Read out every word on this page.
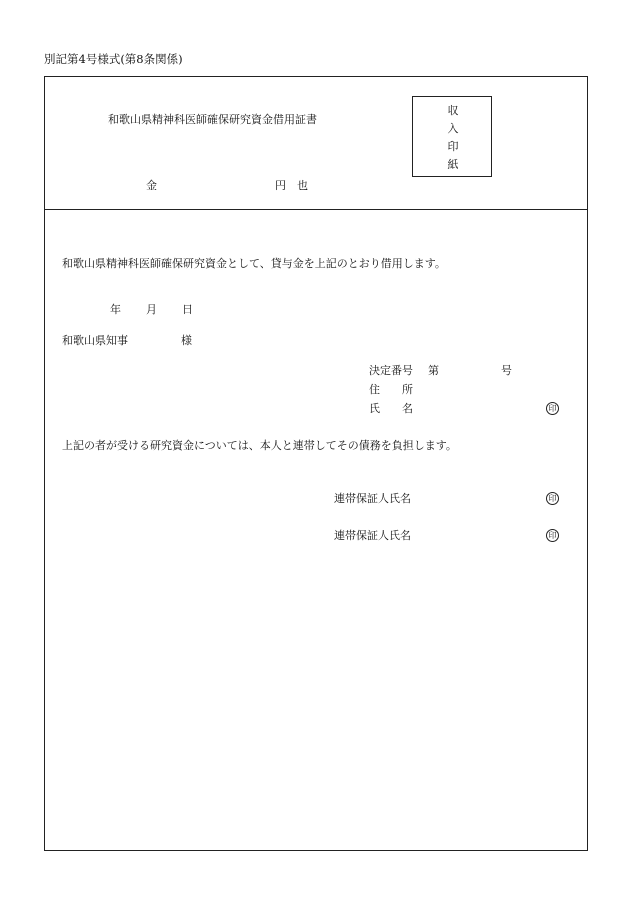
別記第4号様式(第8条関係)
和歌山県精神科医師確保研究資金借用証書
収
入
印
紙
金	円　也
和歌山県精神科医師確保研究資金として、貸与金を上記のとおり借用します。
年 月 日
和歌山県知事	様
決定番号 第	号
住　　所
氏　　名	印
上記の者が受ける研究資金については、本人と連帯してその債務を負担します。
連帯保証人氏名	印
連帯保証人氏名	印
